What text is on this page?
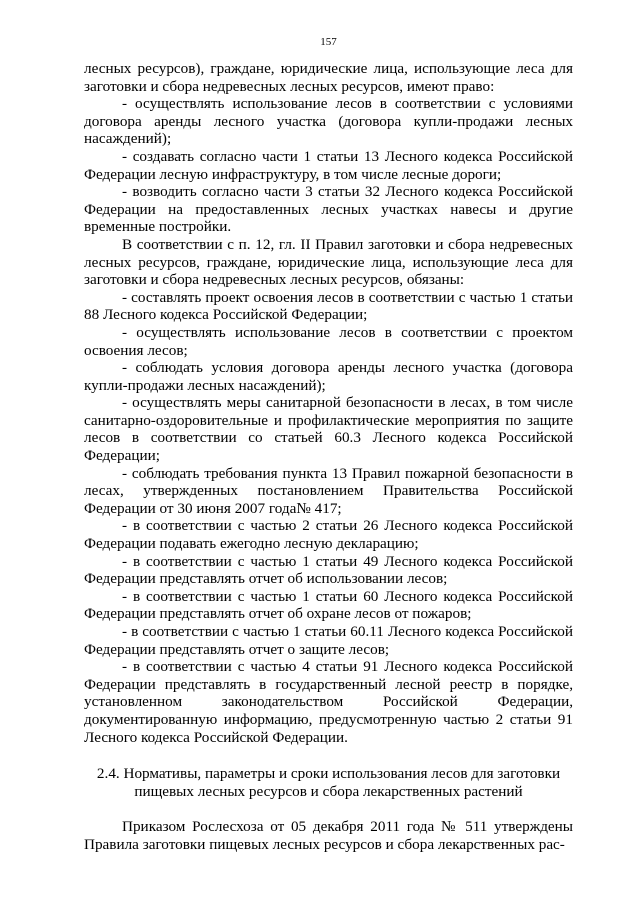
157

лесных ресурсов), граждане, юридические лица, использующие леса для заготовки и сбора недревесных лесных ресурсов, имеют право:

- осуществлять использование лесов в соответствии с условиями договора аренды лесного участка (договора купли-продажи лесных насаждений);

- создавать согласно части 1 статьи 13 Лесного кодекса Российской Федерации лесную инфраструктуру, в том числе лесные дороги;

- возводить согласно части 3 статьи 32 Лесного кодекса Российской Федерации на предоставленных лесных участках навесы и другие временные постройки.

В соответствии с п. 12, гл. II Правил заготовки и сбора недревесных лесных ресурсов, граждане, юридические лица, использующие леса для заготовки и сбора недревесных лесных ресурсов, обязаны:

- составлять проект освоения лесов в соответствии с частью 1 статьи 88 Лесного кодекса Российской Федерации;

- осуществлять использование лесов в соответствии с проектом освоения лесов;

- соблюдать условия договора аренды лесного участка (договора купли-продажи лесных насаждений);

- осуществлять меры санитарной безопасности в лесах, в том числе санитарно-оздоровительные и профилактические мероприятия по защите лесов в соответствии со статьей 60.3 Лесного кодекса Российской Федерации;

- соблюдать требования пункта 13 Правил пожарной безопасности в лесах, утвержденных постановлением Правительства Российской Федерации от 30 июня 2007 года№ 417;

- в соответствии с частью 2 статьи 26 Лесного кодекса Российской Федерации подавать ежегодно лесную декларацию;

- в соответствии с частью 1 статьи 49 Лесного кодекса Российской Федерации представлять отчет об использовании лесов;

- в соответствии с частью 1 статьи 60 Лесного кодекса Российской Федерации представлять отчет об охране лесов от пожаров;

- в соответствии с частью 1 статьи 60.11 Лесного кодекса Российской Федерации представлять отчет о защите лесов;

- в соответствии с частью 4 статьи 91 Лесного кодекса Российской Федерации представлять в государственный лесной реестр в порядке, установленном законодательством Российской Федерации, документированную информацию, предусмотренную частью 2 статьи 91 Лесного кодекса Российской Федерации.

2.4. Нормативы, параметры и сроки использования лесов для заготовки
пищевых лесных ресурсов и сбора лекарственных растений

Приказом Рослесхоза от 05 декабря 2011 года № 511 утверждены Правила заготовки пищевых лесных ресурсов и сбора лекарственных рас-
